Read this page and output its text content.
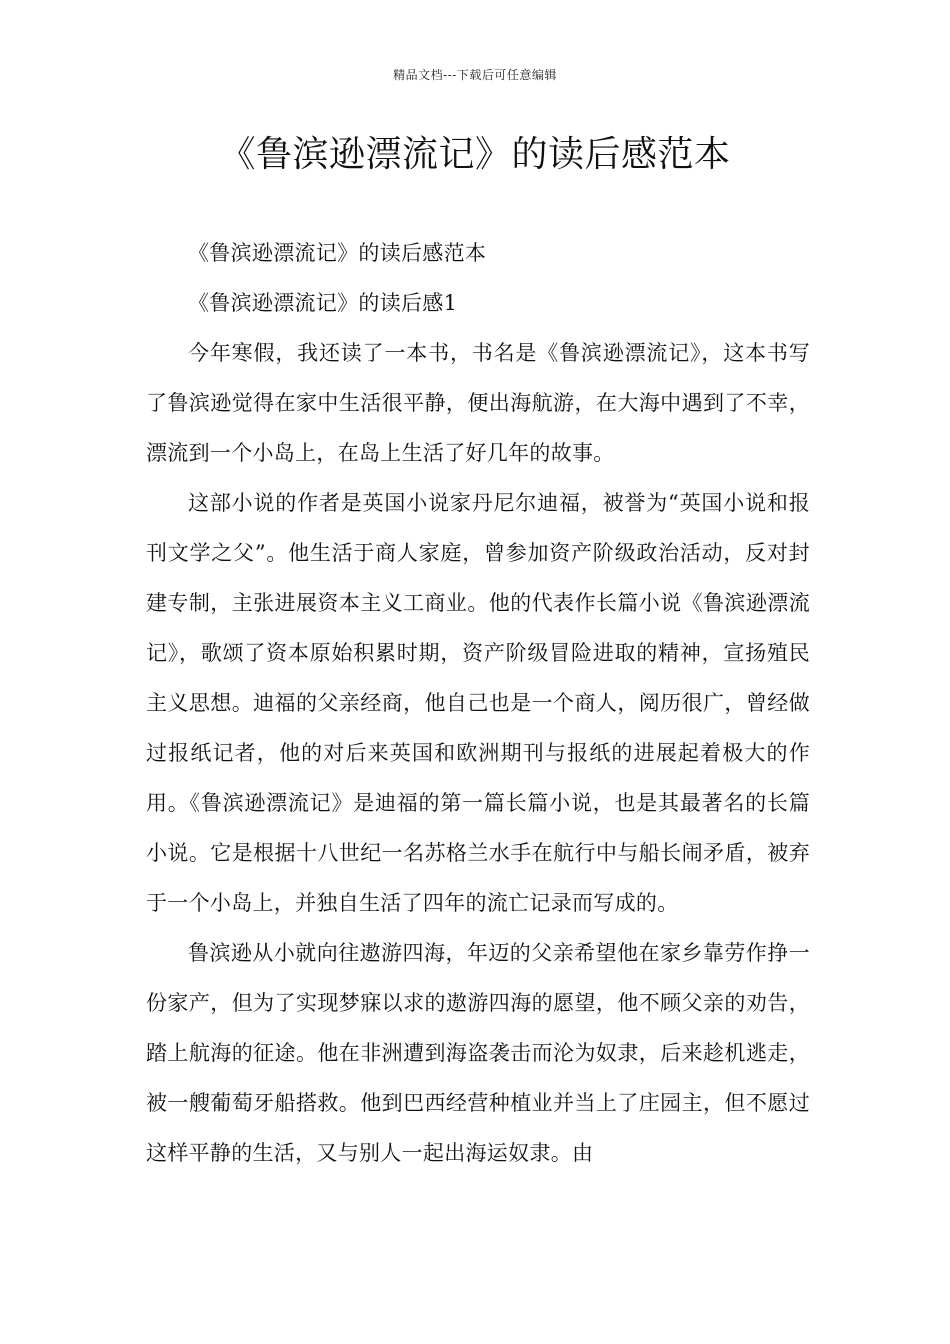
精品文档---下载后可任意编辑
《鲁滨逊漂流记》的读后感范本

《鲁滨逊漂流记》的读后感范本

《鲁滨逊漂流记》的读后感1

今年寒假，我还读了一本书，书名是《鲁滨逊漂流记》，这本书写了鲁滨逊觉得在家中生活很平静，便出海航游，在大海中遇到了不幸，漂流到一个小岛上，在岛上生活了好几年的故事。

这部小说的作者是英国小说家丹尼尔迪福，被誉为“英国小说和报刊文学之父”。他生活于商人家庭，曾参加资产阶级政治活动，反对封建专制，主张进展资本主义工商业。他的代表作长篇小说《鲁滨逊漂流记》，歌颂了资本原始积累时期，资产阶级冒险进取的精神，宣扬殖民主义思想。迪福的父亲经商，他自己也是一个商人，阅历很广，曾经做过报纸记者，他的对后来英国和欧洲期刊与报纸的进展起着极大的作用。《鲁滨逊漂流记》是迪福的第一篇长篇小说，也是其最著名的长篇小说。它是根据十八世纪一名苏格兰水手在航行中与船长闹矛盾，被弃于一个小岛上，并独自生活了四年的流亡记录而写成的。

鲁滨逊从小就向往遨游四海，年迈的父亲希望他在家乡靠劳作挣一份家产，但为了实现梦寐以求的遨游四海的愿望，他不顾父亲的劝告，踏上航海的征途。他在非洲遭到海盗袭击而沦为奴隶，后来趁机逃走，被一艘葡萄牙船搭救。他到巴西经营种植业并当上了庄园主，但不愿过这样平静的生活，又与别人一起出海运奴隶。由
